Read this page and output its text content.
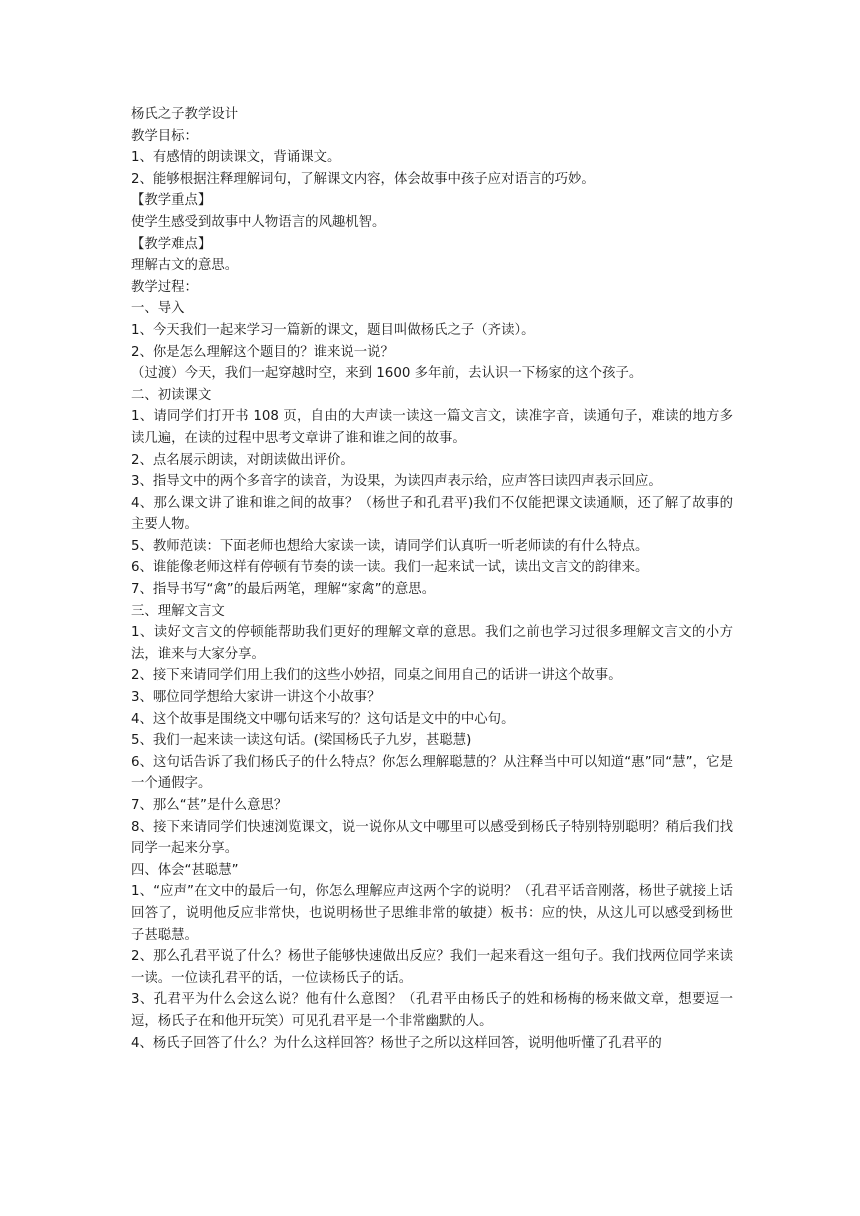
杨氏之子教学设计

教学目标：

1、有感情的朗读课文，背诵课文。

2、能够根据注释理解词句，了解课文内容，体会故事中孩子应对语言的巧妙。

【教学重点】

使学生感受到故事中人物语言的风趣机智。

【教学难点】

理解古文的意思。

教学过程：

一、导入

1、今天我们一起来学习一篇新的课文，题目叫做杨氏之子（齐读）。

2、你是怎么理解这个题目的？谁来说一说？

（过渡）今天，我们一起穿越时空，来到 1600 多年前，去认识一下杨家的这个孩子。

二、初读课文

1、请同学们打开书 108 页，自由的大声读一读这一篇文言文，读准字音，读通句子，难读的地方多读几遍，在读的过程中思考文章讲了谁和谁之间的故事。

2、点名展示朗读，对朗读做出评价。

3、指导文中的两个多音字的读音，为设果，为读四声表示给，应声答曰读四声表示回应。

4、那么课文讲了谁和谁之间的故事？（杨世子和孔君平)我们不仅能把课文读通顺，还了解了故事的主要人物。

5、教师范读：下面老师也想给大家读一读，请同学们认真听一听老师读的有什么特点。

6、谁能像老师这样有停顿有节奏的读一读。我们一起来试一试，读出文言文的韵律来。

7、指导书写“禽”的最后两笔，理解“家禽”的意思。

三、理解文言文

1、读好文言文的停顿能帮助我们更好的理解文章的意思。我们之前也学习过很多理解文言文的小方法，谁来与大家分享。

2、接下来请同学们用上我们的这些小妙招，同桌之间用自己的话讲一讲这个故事。

3、哪位同学想给大家讲一讲这个小故事？

4、这个故事是围绕文中哪句话来写的？这句话是文中的中心句。

5、我们一起来读一读这句话。(梁国杨氏子九岁，甚聪慧)

6、这句话告诉了我们杨氏子的什么特点？你怎么理解聪慧的？从注释当中可以知道“惠”同“慧”，它是一个通假字。

7、那么“甚”是什么意思？

8、接下来请同学们快速浏览课文，说一说你从文中哪里可以感受到杨氏子特别特别聪明？稍后我们找同学一起来分享。

四、体会“甚聪慧”

1、“应声”在文中的最后一句，你怎么理解应声这两个字的说明？（孔君平话音刚落，杨世子就接上话回答了，说明他反应非常快，也说明杨世子思维非常的敏捷）板书：应的快，从这儿可以感受到杨世子甚聪慧。

2、那么孔君平说了什么？杨世子能够快速做出反应？我们一起来看这一组句子。我们找两位同学来读一读。一位读孔君平的话，一位读杨氏子的话。

3、孔君平为什么会这么说？他有什么意图？（孔君平由杨氏子的姓和杨梅的杨来做文章，想要逗一逗，杨氏子在和他开玩笑）可见孔君平是一个非常幽默的人。

4、杨氏子回答了什么？为什么这样回答？杨世子之所以这样回答，说明他听懂了孔君平的
